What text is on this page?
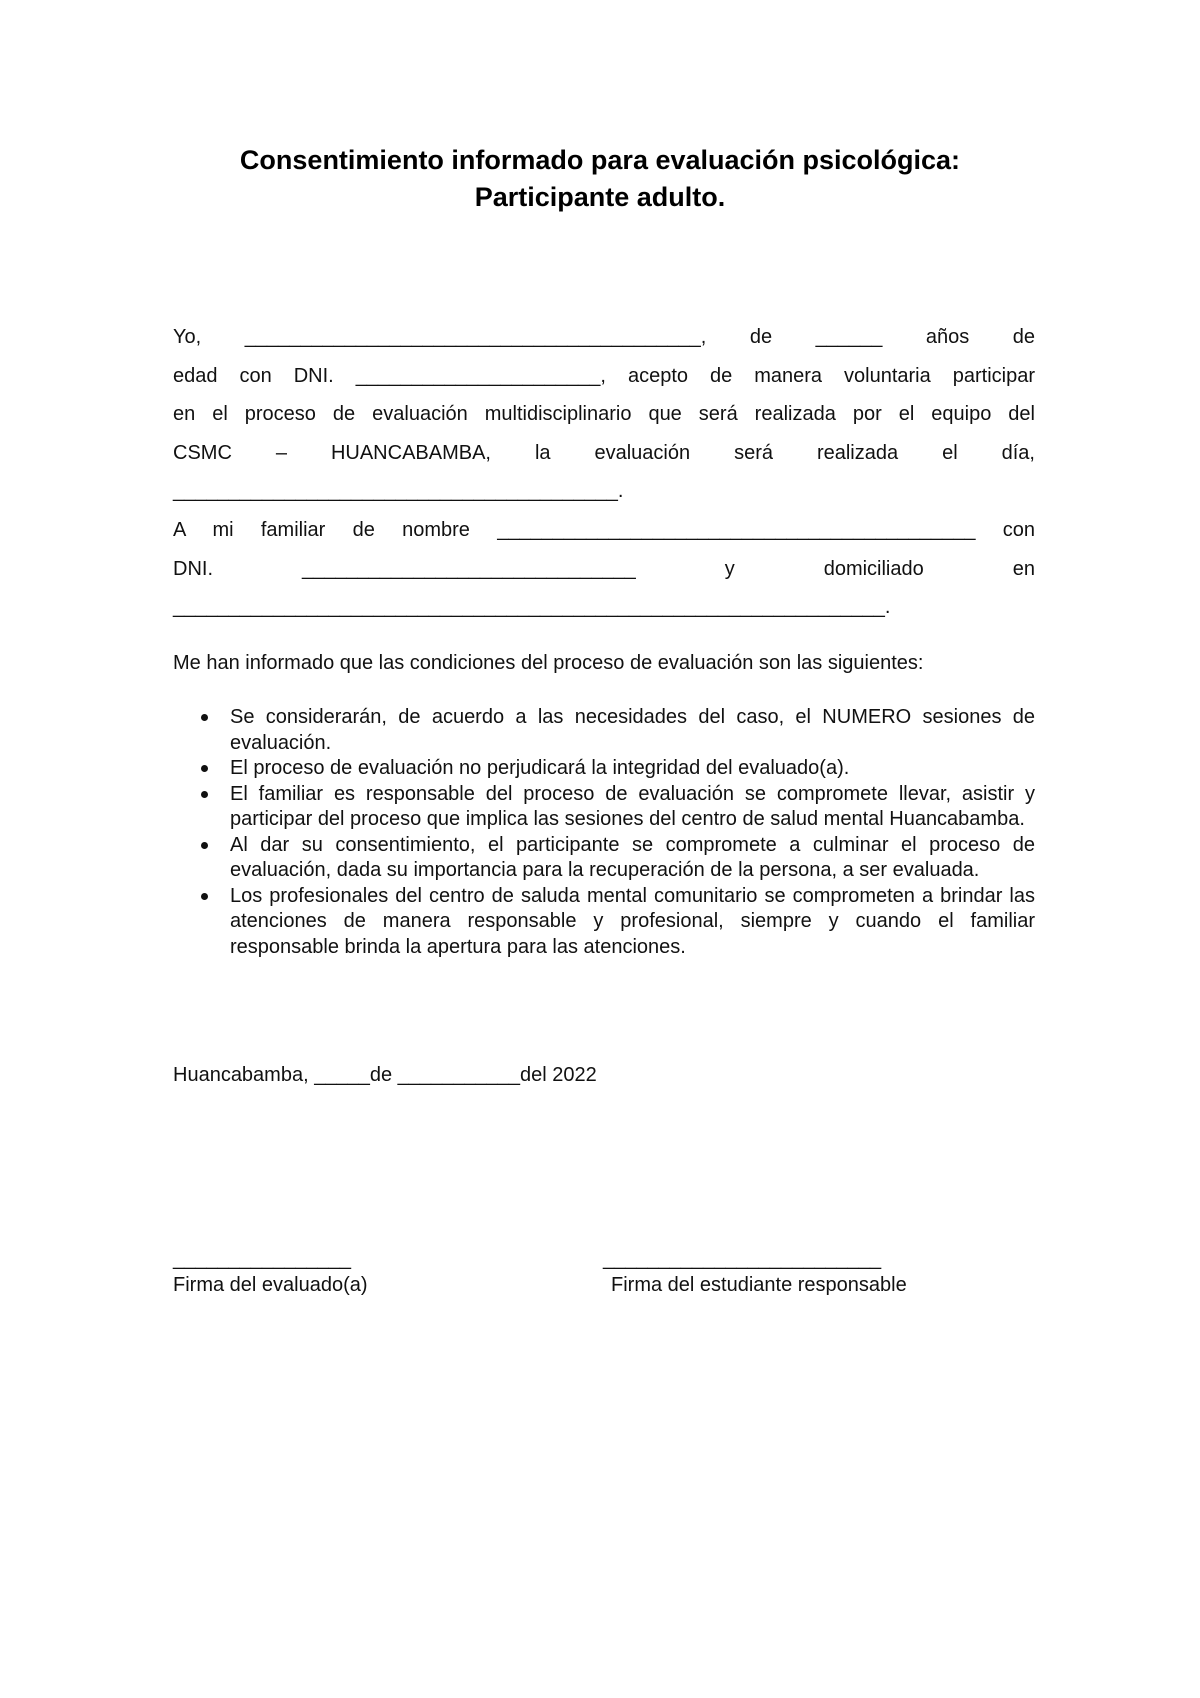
Consentimiento informado para evaluación psicológica:
Participante adulto.
Yo, _________________________________________, de ______ años de
edad con DNI. ______________________, acepto de manera voluntaria participar
en el proceso de evaluación multidisciplinario que será realizada por el equipo del
CSMC – HUANCABAMBA, la evaluación será realizada el día,
________________________________________.
A mi familiar de nombre ___________________________________________ con
DNI. ______________________________ y domiciliado en
________________________________________________________________.
Me han informado que las condiciones del proceso de evaluación son las siguientes:
Se considerarán, de acuerdo a las necesidades del caso, el NUMERO sesiones de evaluación.
El proceso de evaluación no perjudicará la integridad del evaluado(a).
El familiar es responsable del proceso de evaluación se compromete llevar, asistir y participar del proceso que implica las sesiones del centro de salud mental Huancabamba.
Al dar su consentimiento, el participante se compromete a culminar el proceso de evaluación, dada su importancia para la recuperación de la persona, a ser evaluada.
Los profesionales del centro de saluda mental comunitario se comprometen a brindar las atenciones de manera responsable y profesional, siempre y cuando el familiar responsable brinda la apertura para las atenciones.
Huancabamba, _____de ___________del 2022
________________
Firma del evaluado(a)
_________________________
Firma del estudiante responsable
